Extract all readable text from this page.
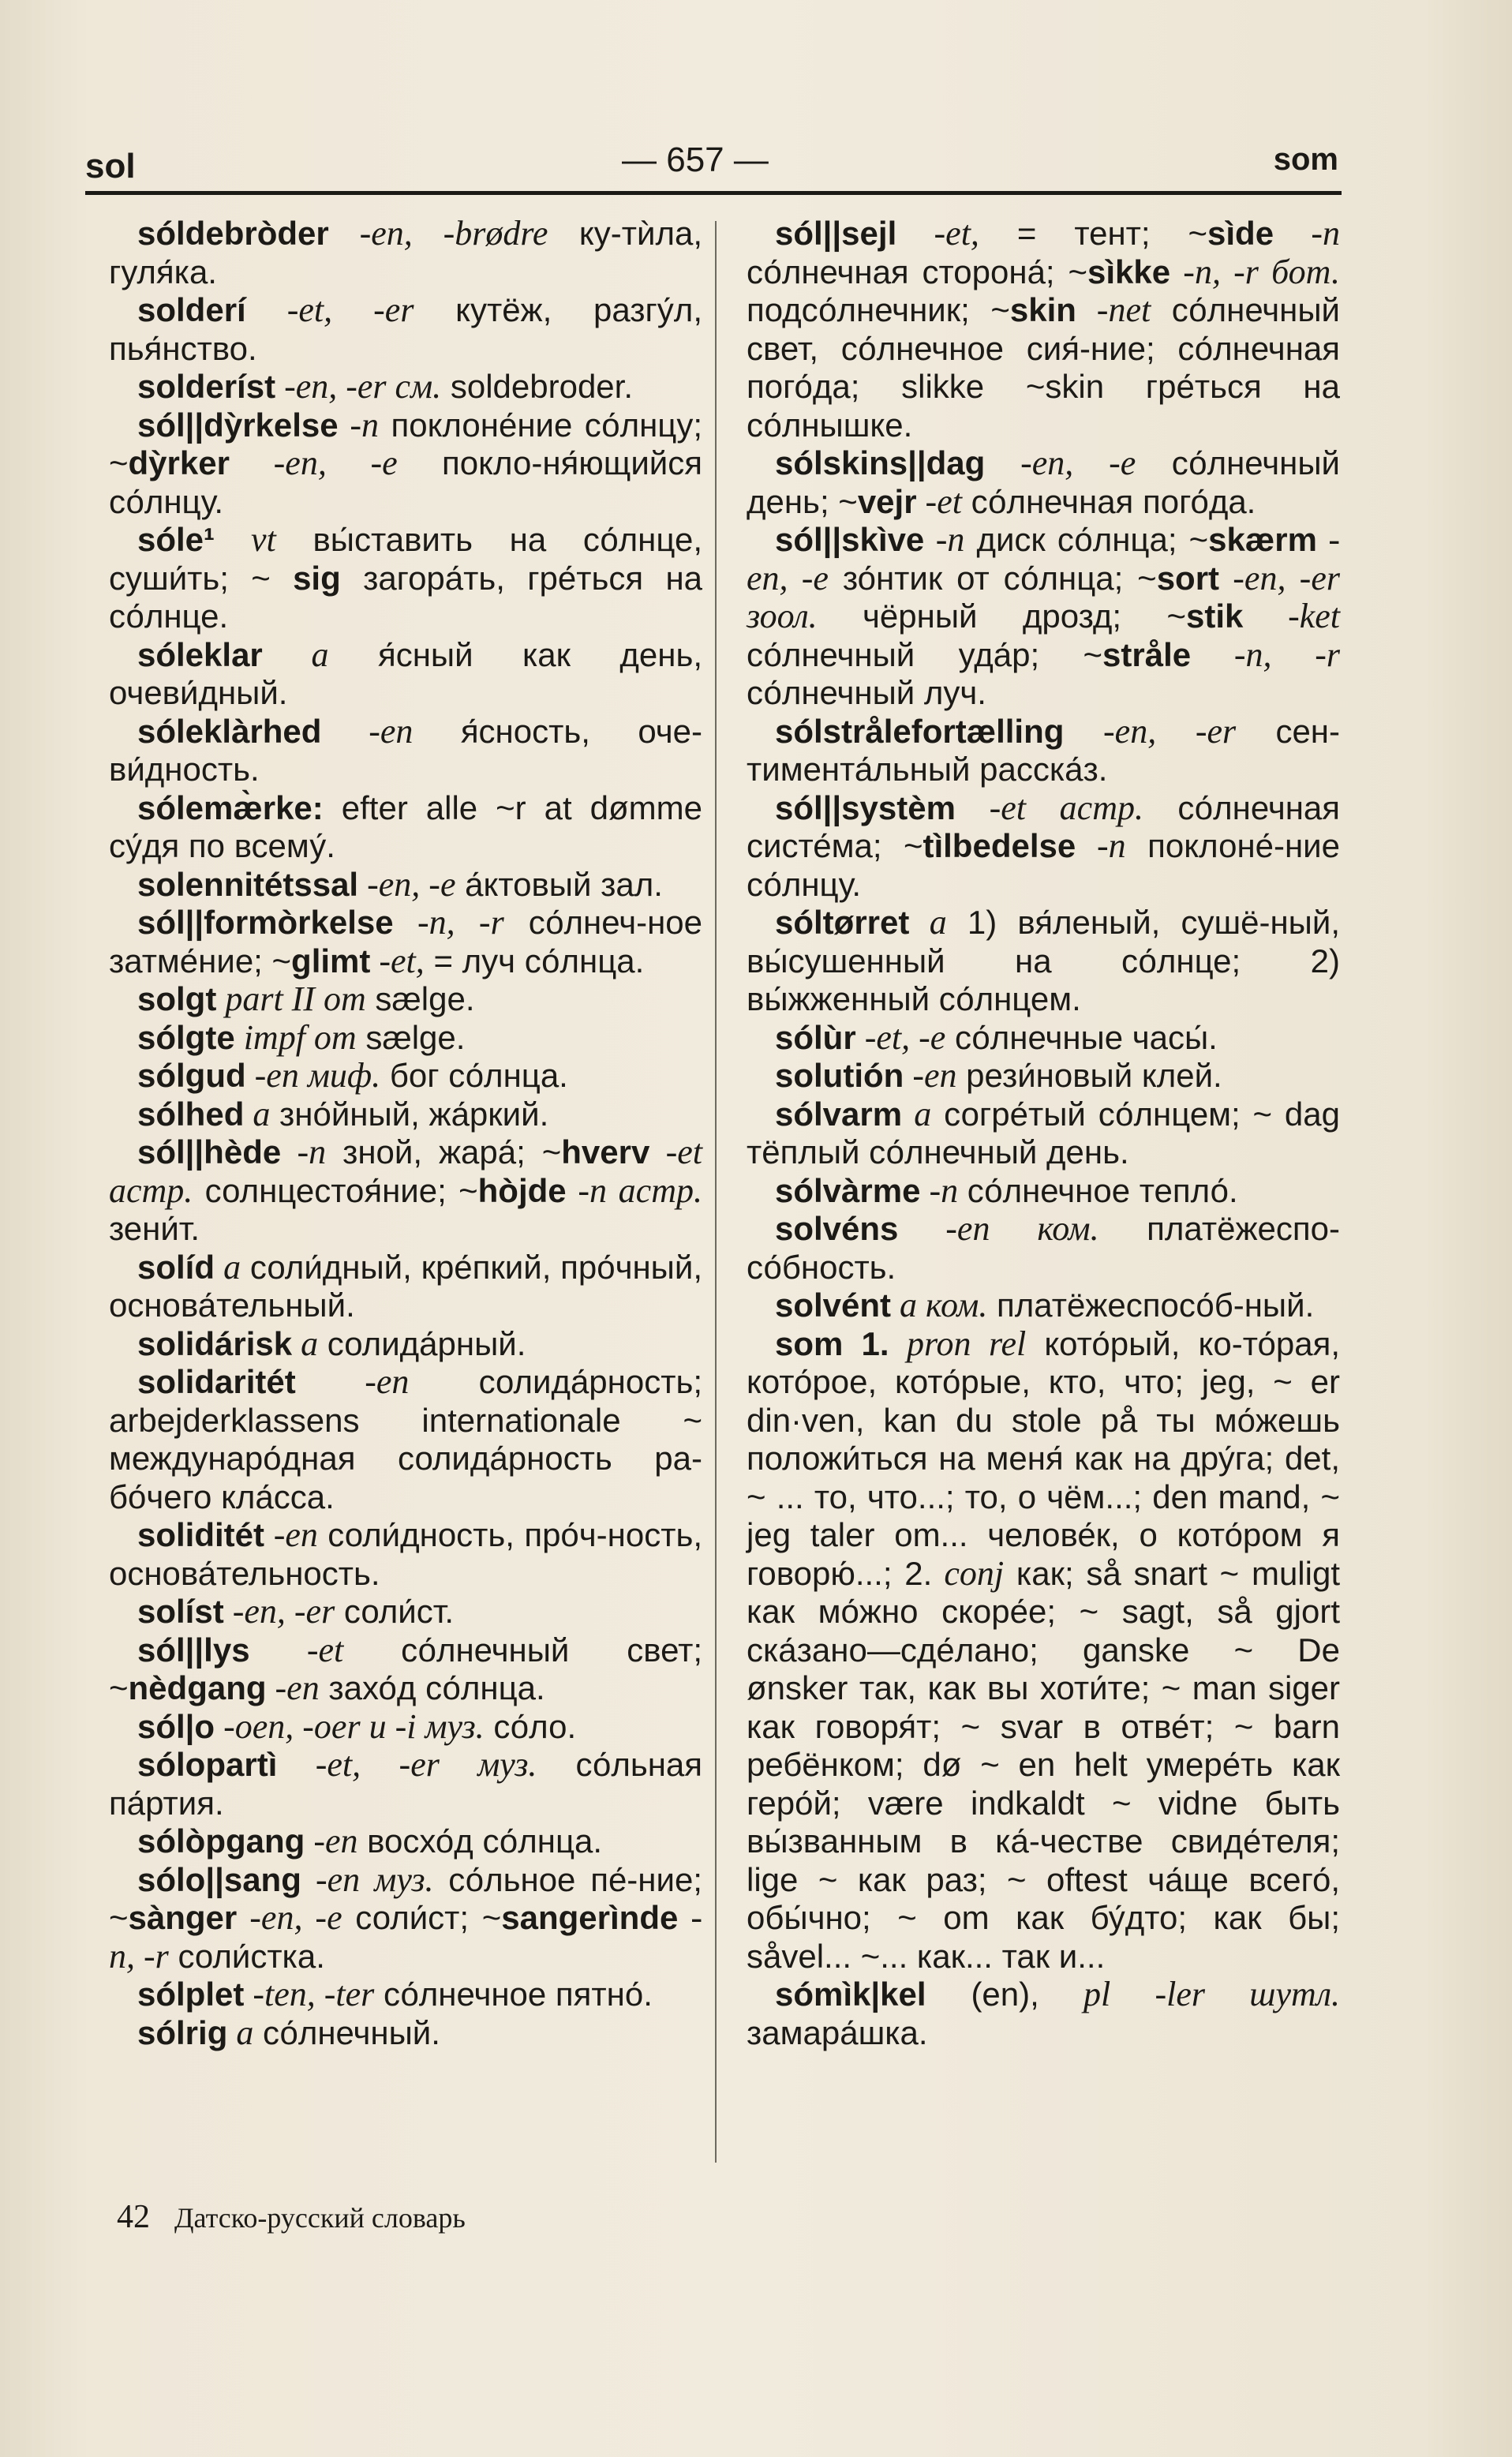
sol	— 657 —	som

sóldebròder -en, -brødre ку-тѝла, гуля́ка.

solderí -et, -er кутёж, разгу́л, пья́нство.

solderíst -en, -er см. soldebroder.

sól||dỳrkelse -n поклоне́ние со́лнцу; ~dỳrker -en, -e покло-ня́ющийся со́лнцу.

sóle¹ vt вы́ставить на со́лнце, суши́ть; ~ sig загора́ть, гре́ться на со́лнце.

sóleklar a я́сный как день, очеви́дный.

sóleklàrhed -en я́сность, оче-ви́дность.

sólemæ̀rke: efter alle ~r at dømme су́дя по всему́.

solennitétssal -en, -e а́ктовый зал.

sól||formòrkelse -n, -r со́лнеч-ное затме́ние; ~glimt -et, = луч со́лнца.

solgt part II om sælge.

sólgte impf om sælge.

sólgud -en миф. бог со́лнца.

sólhed a зно́йный, жа́ркий.

sól||hède -n зной, жара́; ~hverv -et астр. солнцестоя́ние; ~hòjde -n астр. зени́т.

solíd a соли́дный, кре́пкий, про́чный, основа́тельный.

solidárisk a солида́рный.

solidaritét -en солида́рность; arbejderklassens internationale ~ междунаро́дная солида́рность ра-бо́чего кла́сса.

soliditét -en соли́дность, про́ч-ность, основа́тельность.

solíst -en, -er соли́ст.

sól||lys -et со́лнечный свет; ~nèdgang -en захо́д со́лнца.

sól|o -oen, -oer и -i муз. со́ло.

sólopartì -et, -er муз. со́льная па́ртия.

sólòpgang -en восхо́д со́лнца.

sólo||sang -en муз. со́льное пе́-ние; ~sànger -en, -e соли́ст; ~sangerìnde -n, -r соли́стка.

sólplet -ten, -ter со́лнечное пятно́.

sólrig a со́лнечный.

sól||sejl -et, = тент; ~sìde -n со́лнечная сторона́; ~sìkke -n, -r бот. подсо́лнечник; ~skin -net со́лнечный свет, со́лнечное сия́-ние; со́лнечная пого́да; slikke ~skin гре́ться на со́лнышке.

sólskins||dag -en, -e со́лнечный день; ~vejr -et со́лнечная пого́да.

sól||skìve -n диск со́лнца; ~skærm -en, -e зо́нтик от со́лнца; ~sort -en, -er зоол. чёрный дрозд; ~stik -ket со́лнечный уда́р; ~stråle -n, -r со́лнечный луч.

sólstrålefortælling -en, -er сен-тимента́льный расска́з.

sól||systèm -et астр. со́лнечная систе́ма; ~tìlbedelse -n поклоне́-ние со́лнцу.

sóltørret a 1) вя́леный, сушё-ный, вы́сушенный на со́лнце; 2) вы́жженный со́лнцем.

sólùr -et, -e со́лнечные часы́.

solutión -en рези́новый клей.

sólvarm a согре́тый со́лнцем; ~ dag тёплый со́лнечный день.

sólvàrme -n со́лнечное тепло́.

solvéns -en ком. платёжеспо-со́бность.

solvént a ком. платёжеспосо́б-ный.

som 1. pron rel кото́рый, ко-то́рая, кото́рое, кото́рые, кто, что; jeg, ~ er din·ven, kan du stole på ты мо́жешь положи́ться на меня́ как на дру́га; det, ~ ... то, что...; то, о чём...; den mand, ~ jeg taler om... челове́к, о кото́ром я говорю́...; 2. conj как; så snart ~ muligt как мо́жно скоре́е; ~ sagt, så gjort ска́зано—сде́лано; ganske ~ De ønsker так, как вы хоти́те; ~ man siger как говоря́т; ~ svar в отве́т; ~ barn ребёнком; dø ~ en helt умере́ть как геро́й; være indkaldt ~ vidne быть вы́званным в ка́-честве свиде́теля; lige ~ как раз; ~ oftest ча́ще всего́, обы́чно; ~ om как бу́дто; как бы; såvel... ~... как... так и...

sómìk|kel (en), pl -ler шутл. замара́шка.

42 Датско-русский словарь
